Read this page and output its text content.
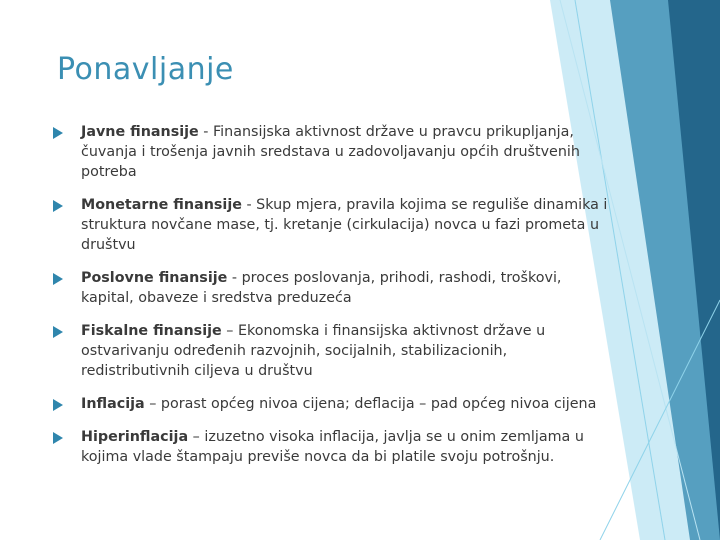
Ponavljanje
Javne finansije - Finansijska aktivnost države u pravcu prikupljanja, čuvanja i trošenja javnih sredstava u zadovoljavanju općih društvenih potreba
Monetarne finansije - Skup mjera, pravila kojima se reguliše dinamika i struktura novčane mase, tj. kretanje (cirkulacija) novca u fazi prometa u društvu
Poslovne finansije - proces poslovanja, prihodi, rashodi, troškovi, kapital, obaveze i sredstva preduzeća
Fiskalne finansije – Ekonomska i finansijska aktivnost države u ostvarivanju određenih razvojnih, socijalnih, stabilizacionih, redistributivnih ciljeva u društvu
Inflacija – porast općeg nivoa cijena; deflacija – pad općeg nivoa cijena
Hiperinflacija – izuzetno visoka inflacija, javlja se u onim zemljama u kojima vlade štampaju previše novca da bi platile svoju potrošnju.
